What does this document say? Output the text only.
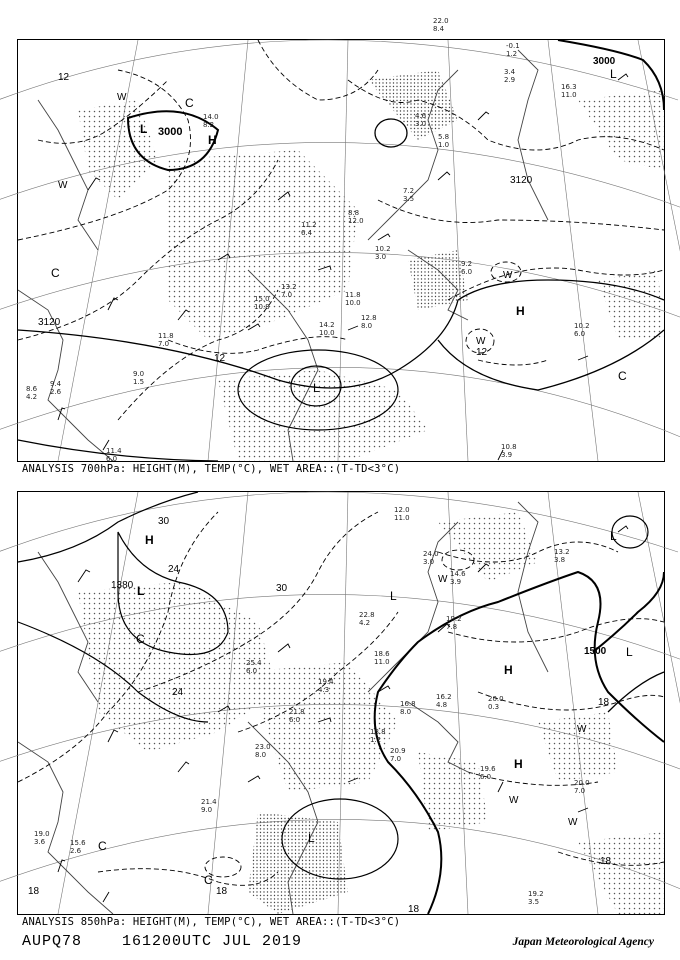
3000
3120
3120
3000
12
12
12
L
L
L
H
H
C
C
C
W
W
W
W
14.0
8.2
10.2
3.0
5.8
1.0
4.6
3.0
7.2
3.5
8.8
12.0
11.2
6.4
13.2
7.0
15.0
10.8
11.8
10.0
14.2
10.0
12.8
8.0
11.8
7.0
10.2
6.0
9.2
6.0
10.8
3.9
9.0
1.5
11.4
6.0
9.4
2.6
8.6
4.2
-0.1
1.2
22.0
8.4
3.4
2.9
16.3
11.0
ANALYSIS 700hPa: HEIGHT(M), TEMP(°C), WET AREA::(T-TD<3°C)
1380
1500
30
30
24
24
18
18
18
18
18
L
L
L
L
L
H
H
H
C
C
C
W
W
W
W
14.6
3.9
19.2
7.8
18.6
11.0
20.9
7.0
19.6
6.0
20.0
7.0
19.2
3.5
16.2
4.8
20.0
0.3
21.4
9.0
23.0
8.0
25.4
6.0
21.8
6.0
19.4
4.3
16.8
8.0
18.8
1.2
15.6
2.6
19.0
3.6
13.2
3.8
12.0
11.0
24.0
3.0
22.8
4.2
ANALYSIS 850hPa: HEIGHT(M), TEMP(°C), WET AREA::(T-TD<3°C)
AUPQ78	161200UTC JUL 2019	Japan Meteorological Agency
